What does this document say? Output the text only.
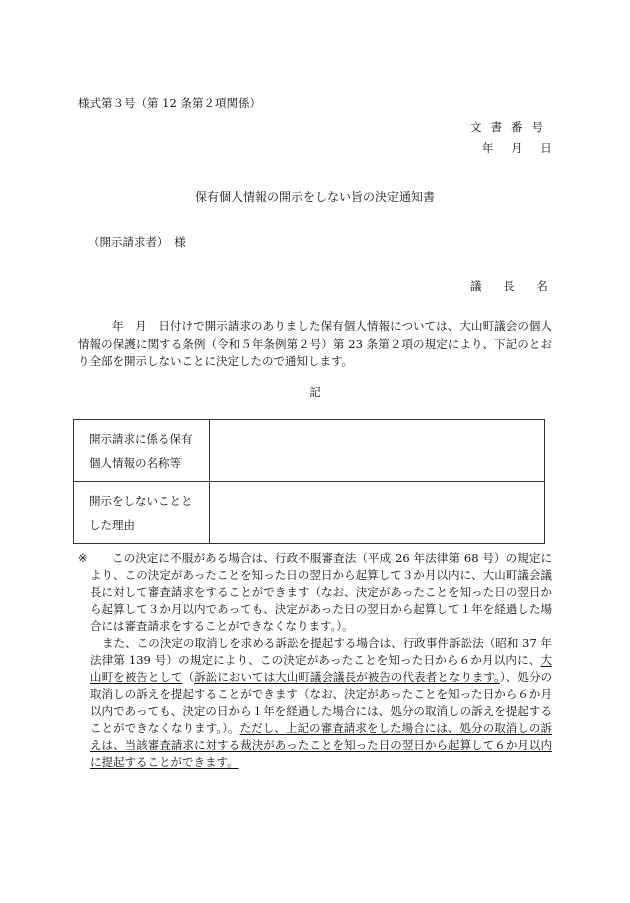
様式第３号（第 12 条第２項関係）
文書番号
年 月 日
保有個人情報の開示をしない旨の決定通知書
（開示請求者）　様
議 長 名
年　月　日付けで開示請求のありました保有個人情報については、大山町議会の個人情報の保護に関する条例（令和５年条例第２号）第 23 条第２項の規定により、下記のとおり全部を開示しないことに決定したので通知します。
記
開示請求に係る保有個人情報の名称等	
開示をしないこととした理由	
※	この決定に不服がある場合は、行政不服審査法（平成 26 年法律第 68 号）の規定により、この決定があったことを知った日の翌日から起算して３か月以内に、大山町議会議長に対して審査請求をすることができます（なお、決定があったことを知った日の翌日から起算して３か月以内であっても、決定があった日の翌日から起算して１年を経過した場合には審査請求をすることができなくなります。）。

また、この決定の取消しを求める訴訟を提起する場合は、行政事件訴訟法（昭和 37 年法律第 139 号）の規定により、この決定があったことを知った日から６か月以内に、大山町を被告として（訴訟においては大山町議会議長が被告の代表者となります。）、処分の取消しの訴えを提起することができます（なお、決定があったことを知った日から６か月以内であっても、決定の日から１年を経過した場合には、処分の取消しの訴えを提起することができなくなります。）。ただし、上記の審査請求をした場合には、処分の取消しの訴えは、当該審査請求に対する裁決があったことを知った日の翌日から起算して６か月以内に提起することができます。
